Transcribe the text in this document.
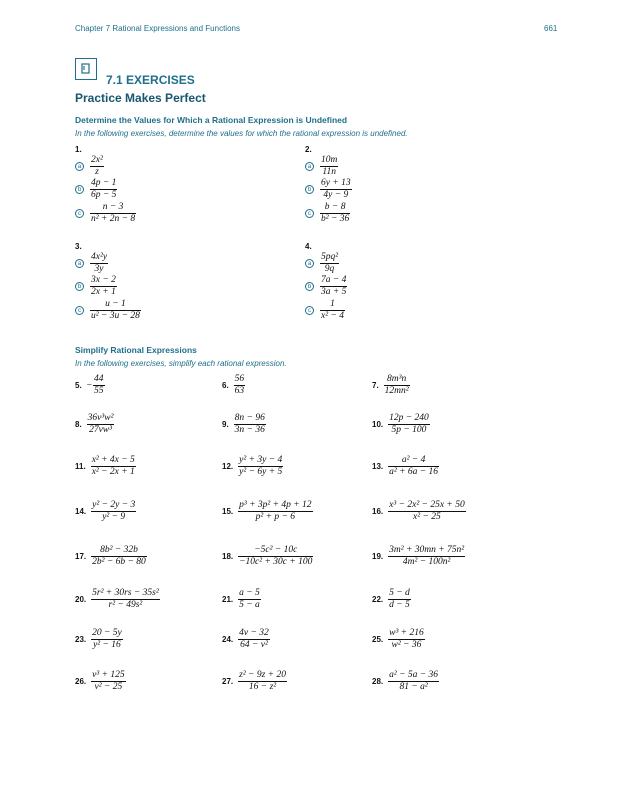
Chapter 7 Rational Expressions and Functions	661
7.1 EXERCISES
Practice Makes Perfect
Determine the Values for Which a Rational Expression is Undefined
In the following exercises, determine the values for which the rational expression is undefined.
1.
a $\frac{\text{2x²}}{z}$
b $\frac{4p - 1}{6p - 5}$
c $\frac{n - 3}{\text{n² + 2n − 8}}$
2.
a $\frac{10m}{11n}$
b $\frac{6y + 13}{4y - 9}$
c $\frac{b - 8}{\text{b² − 36}}$
3.
a $\frac{\text{4x²y}}{3y}$
b $\frac{3x - 2}{2x + 1}$
c $\frac{u - 1}{\text{u² − 3u − 28}}$
4.
a $\frac{\text{5pq²}}{9q}$
b $\frac{7a - 4}{3a + 5}$
c $\frac{1}{\text{x² − 4}}$
Simplify Rational Expressions
In the following exercises, simplify each rational expression.
5. − $\frac{44}{55}$	6. $\frac{56}{63}$	7. $\frac{\text{8m³n}}{\text{12mn²}}$
8. $\frac{\text{36v³w²}}{\text{27vw³}}$	9. $\frac{8n - 96}{3n - 36}$	10. $\frac{12p - 240}{5p - 100}$
11. $\frac{\text{x² + 4x − 5}}{\text{x² − 2x + 1}}$	12. $\frac{\text{y² + 3y − 4}}{\text{y² − 6y + 5}}$	13. $\frac{\text{a² − 4}}{\text{a² + 6a − 16}}$
14. $\frac{\text{y² − 2y − 3}}{\text{y² − 9}}$	15. $\frac{\text{p³ + 3p² + 4p + 12}}{\text{p² + p − 6}}$	16. $\frac{\text{x³ − 2x² − 25x + 50}}{\text{x² − 25}}$
17. $\frac{\text{8b² − 32b}}{\text{2b² − 6b − 80}}$	18. $\frac{\text{−5c² − 10c}}{\text{−10c² + 30c + 100}}$	19. $\frac{\text{3m² + 30mn + 75n²}}{\text{4m² − 100n²}}$
20. $\frac{\text{5r² + 30rs − 35s²}}{\text{r² − 49s²}}$	21. $\frac{a - 5}{5 - a}$	22. $\frac{5 - d}{d - 5}$
23. $\frac{20 - 5y}{\text{y² − 16}}$	24. $\frac{4v - 32}{\text{64 − v²}}$	25. $\frac{\text{w³ + 216}}{\text{w² − 36}}$
26. $\frac{\text{v³ + 125}}{\text{v² − 25}}$	27. $\frac{\text{z² − 9z + 20}}{\text{16 − z²}}$	28. $\frac{\text{a² − 5a − 36}}{\text{81 − a²}}$
